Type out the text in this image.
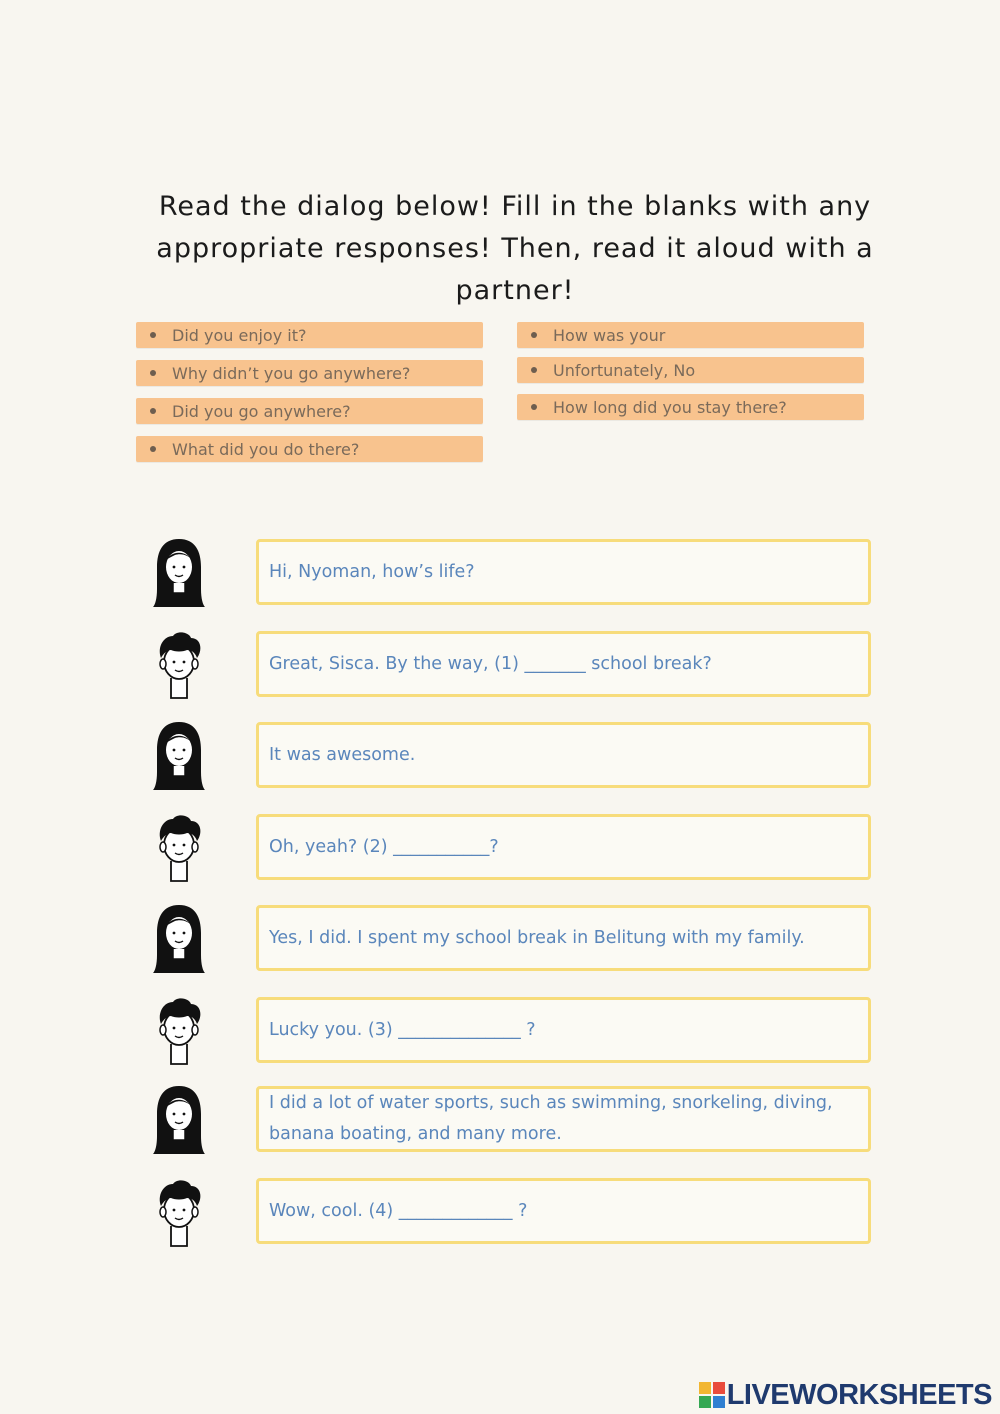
Read the dialog below! Fill in the blanks with any appropriate responses! Then, read it aloud with a partner!
Did you enjoy it?
Why didn’t you go anywhere?
Did you go anywhere?
What did you do there?
How was your
Unfortunately, No
How long did you stay there?
Hi, Nyoman, how’s life?
Great, Sisca. By the way, (1) _______ school break?
It was awesome.
Oh, yeah? (2) ___________?
Yes, I did. I spent my school break in Belitung with my family.
Lucky you. (3) ______________ ?
I did a lot of water sports, such as swimming, snorkeling, diving, banana boating, and many more.
Wow, cool. (4) _____________ ?
LIVEWORKSHEETS
